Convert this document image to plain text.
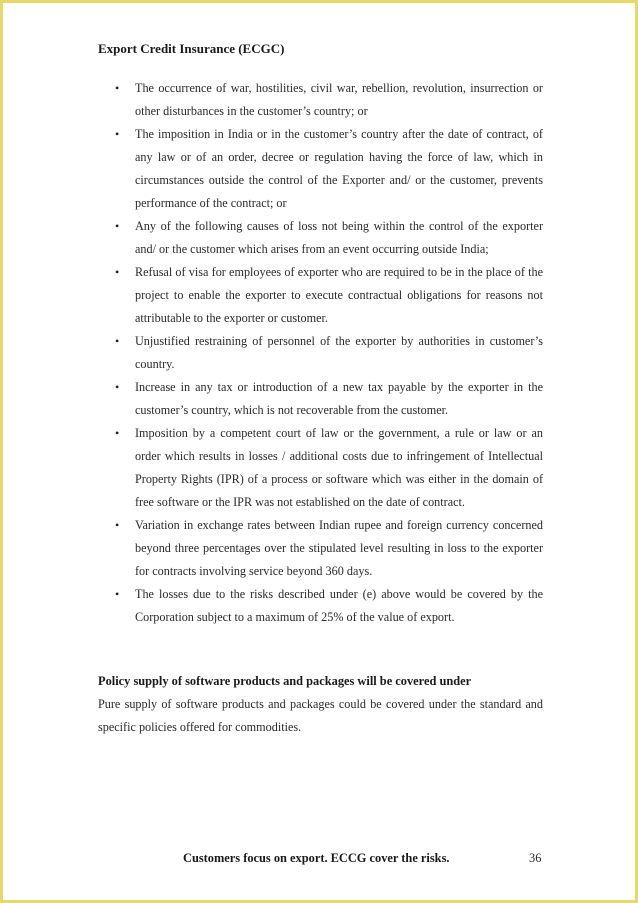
Export Credit Insurance (ECGC)
• The occurrence of war, hostilities, civil war, rebellion, revolution, insurrection or other disturbances in the customer’s country; or
• The imposition in India or in the customer’s country after the date of contract, of any law or of an order, decree or regulation having the force of law, which in circumstances outside the control of the Exporter and/ or the customer, prevents performance of the contract; or
• Any of the following causes of loss not being within the control of the exporter and/ or the customer which arises from an event occurring outside India;
• Refusal of visa for employees of exporter who are required to be in the place of the project to enable the exporter to execute contractual obligations for reasons not attributable to the exporter or customer.
• Unjustified restraining of personnel of the exporter by authorities in customer’s country.
• Increase in any tax or introduction of a new tax payable by the exporter in the customer’s country, which is not recoverable from the customer.
• Imposition by a competent court of law or the government, a rule or law or an order which results in losses / additional costs due to infringement of Intellectual Property Rights (IPR) of a process or software which was either in the domain of free software or the IPR was not established on the date of contract.
• Variation in exchange rates between Indian rupee and foreign currency concerned beyond three percentages over the stipulated level resulting in loss to the exporter for contracts involving service beyond 360 days.
• The losses due to the risks described under (e) above would be covered by the Corporation subject to a maximum of 25% of the value of export.
Policy supply of software products and packages will be covered under

Pure supply of software products and packages could be covered under the standard and specific policies offered for commodities.

Customers focus on export. ECCG cover the risks.	36
